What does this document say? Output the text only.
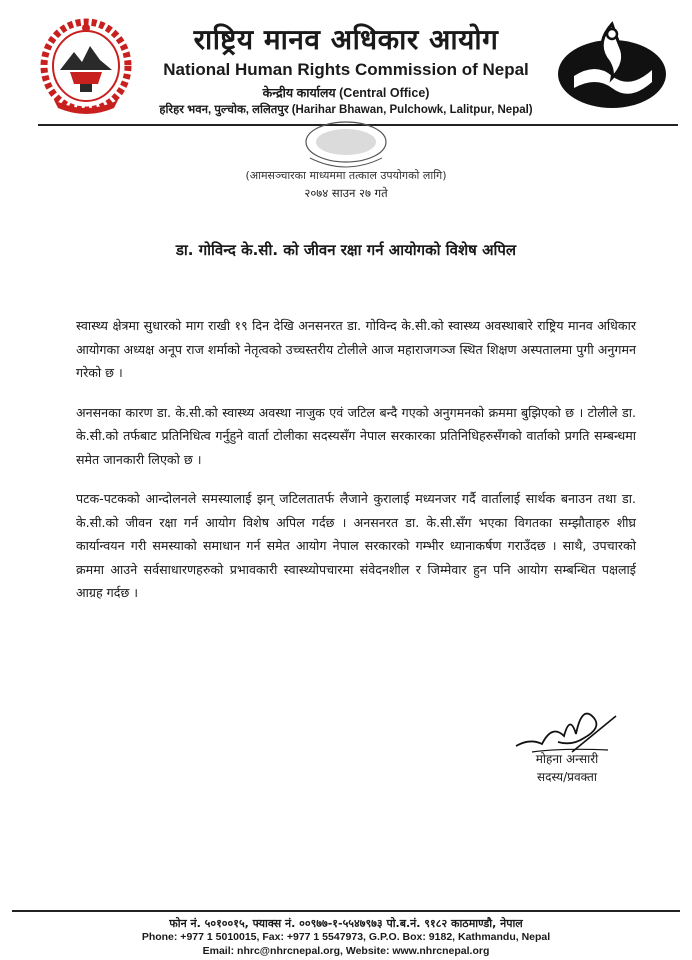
राष्ट्रिय मानव अधिकार आयोग
National Human Rights Commission of Nepal
केन्द्रीय कार्यालय (Central Office)
हरिहर भवन, पुल्चोक, ललितपुर (Harihar Bhawan, Pulchowk, Lalitpur, Nepal)
(आमसञ्चारका माध्यममा तत्काल उपयोगको लागि)
२०७४ साउन २७ गते
डा. गोविन्द के.सी. को जीवन रक्षा गर्न आयोगको विशेष अपिल

स्वास्थ्य क्षेत्रमा सुधारको माग राखी १९ दिन देखि अनसनरत डा. गोविन्द के.सी.को स्वास्थ्य अवस्थाबारे राष्ट्रिय मानव अधिकार आयोगका अध्यक्ष अनूप राज शर्माको नेतृत्वको उच्चस्तरीय टोलीले आज महाराजगञ्ज स्थित शिक्षण अस्पतालमा पुगी अनुगमन गरेको छ ।

अनसनका कारण डा. के.सी.को स्वास्थ्य अवस्था नाजुक एवं जटिल बन्दै गएको अनुगमनको क्रममा बुझिएको छ । टोलीले डा. के.सी.को तर्फबाट प्रतिनिधित्व गर्नुहुने वार्ता टोलीका सदस्यसँग नेपाल सरकारका प्रतिनिधिहरुसँगको वार्ताको प्रगति सम्बन्धमा समेत जानकारी लिएको छ ।

पटक-पटकको आन्दोलनले समस्यालाई झन् जटिलतातर्फ लैजाने कुरालाई मध्यनजर गर्दै वार्तालाई सार्थक बनाउन तथा डा. के.सी.को जीवन रक्षा गर्न आयोग विशेष अपिल गर्दछ । अनसनरत डा. के.सी.सँग भएका विगतका सम्झौताहरु शीघ्र कार्यान्वयन गरी समस्याको समाधान गर्न समेत आयोग नेपाल सरकारको गम्भीर ध्यानाकर्षण गराउँदछ । साथै, उपचारको क्रममा आउने सर्वसाधारणहरुको प्रभावकारी स्वास्थ्योपचारमा संवेदनशील र जिम्मेवार हुन पनि आयोग सम्बन्धित पक्षलाई आग्रह गर्दछ ।

मोहना अन्सारी
सदस्य/प्रवक्ता
फोन नं. ५०१००१५, फ्याक्स नं. ००९७७-१-५५४७९७३ पो.ब.नं. ९१८२ काठमाण्डौ, नेपाल
Phone: +977 1 5010015, Fax: +977 1 5547973, G.P.O. Box: 9182, Kathmandu, Nepal
Email: nhrc@nhrcnepal.org, Website: www.nhrcnepal.org
